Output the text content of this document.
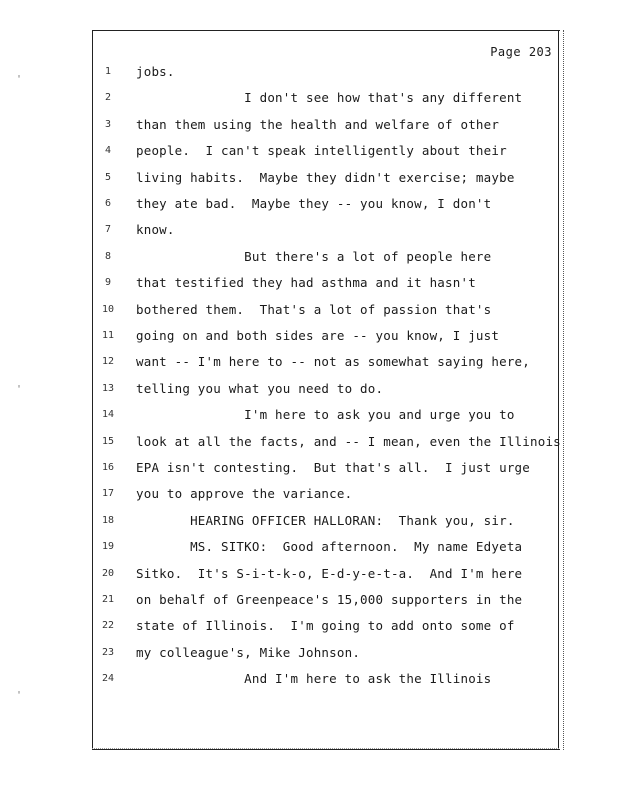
'
'
'
Page 203
1	jobs.
2	I don't see how that's any different
3	than them using the health and welfare of other
4	people.  I can't speak intelligently about their
5	living habits.  Maybe they didn't exercise; maybe
6	they ate bad.  Maybe they -- you know, I don't
7	know.
8	But there's a lot of people here
9	that testified they had asthma and it hasn't
10 bothered them.  That's a lot of passion that's
11 going on and both sides are -- you know, I just
12 want -- I'm here to -- not as somewhat saying here,
13 telling you what you need to do.
14 I'm here to ask you and urge you to
15 look at all the facts, and -- I mean, even the Illinois
16 EPA isn't contesting.  But that's all.  I just urge
17 you to approve the variance.
18 HEARING OFFICER HALLORAN:  Thank you, sir.
19 MS. SITKO:  Good afternoon.  My name Edyeta
20 Sitko.  It's S-i-t-k-o, E-d-y-e-t-a.  And I'm here
21 on behalf of Greenpeace's 15,000 supporters in the
22 state of Illinois.  I'm going to add onto some of
23 my colleague's, Mike Johnson.
24 And I'm here to ask the Illinois
